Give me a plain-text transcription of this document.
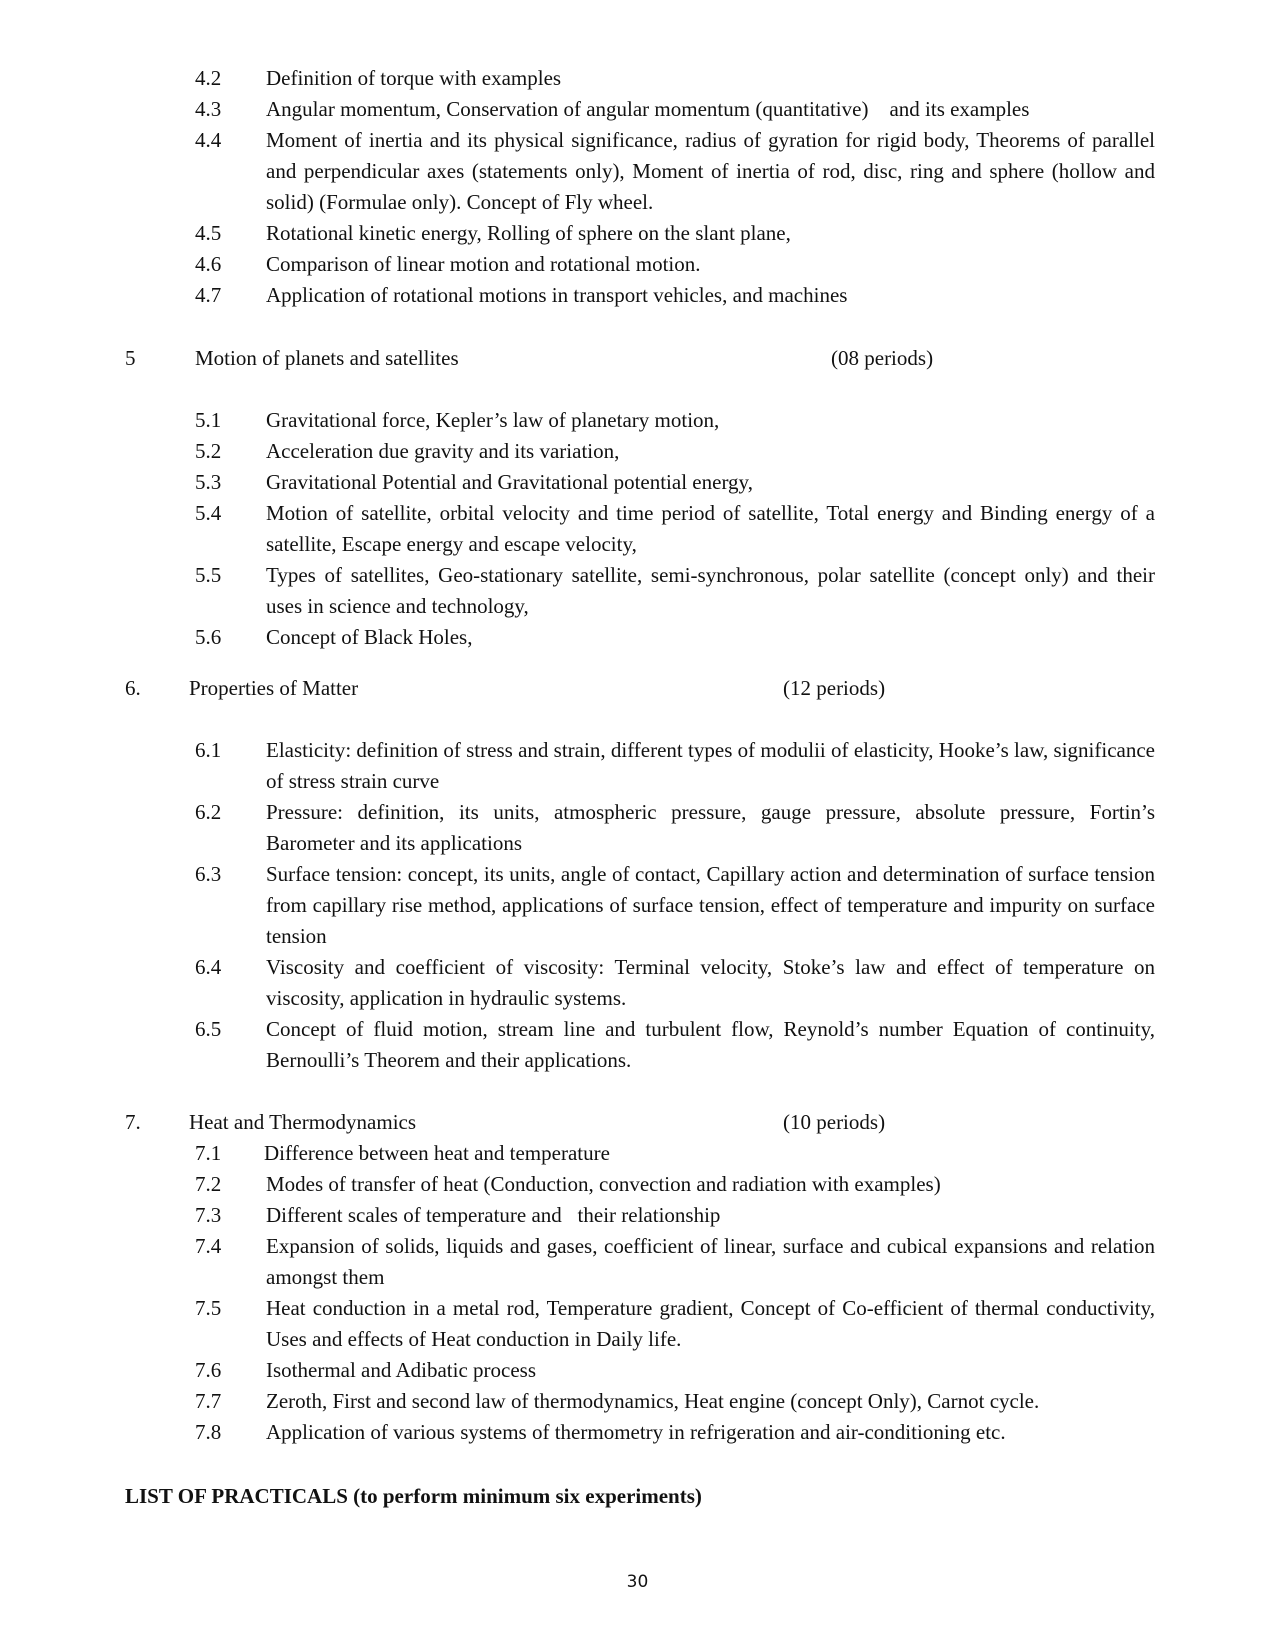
4.2 Definition of torque with examples
4.3 Angular momentum, Conservation of angular momentum (quantitative)    and its examples
4.4 Moment of inertia and its physical significance, radius of gyration for rigid body, Theorems of parallel and perpendicular axes (statements only), Moment of inertia of rod, disc, ring and sphere (hollow and solid) (Formulae only). Concept of Fly wheel.
4.5 Rotational kinetic energy, Rolling of sphere on the slant plane,
4.6 Comparison of linear motion and rotational motion.
4.7 Application of rotational motions in transport vehicles, and machines
5	Motion of planets and satellites	(08 periods)
5.1 Gravitational force, Kepler’s law of planetary motion,
5.2 Acceleration due gravity and its variation,
5.3 Gravitational Potential and Gravitational potential energy,
5.4 Motion of satellite, orbital velocity and time period of satellite, Total energy and Binding energy of a satellite, Escape energy and escape velocity,
5.5 Types of satellites, Geo-stationary satellite, semi-synchronous, polar satellite (concept only) and their uses in science and technology,
5.6 Concept of Black Holes,
6. Properties of Matter	(12 periods)
6.1 Elasticity: definition of stress and strain, different types of modulii of elasticity, Hooke’s law, significance of stress strain curve
6.2 Pressure: definition, its units, atmospheric pressure, gauge pressure, absolute pressure, Fortin’s Barometer and its applications
6.3 Surface tension: concept, its units, angle of contact, Capillary action and determination of surface tension from capillary rise method, applications of surface tension, effect of temperature and impurity on surface tension
6.4 Viscosity and coefficient of viscosity: Terminal velocity, Stoke’s law and effect of temperature on viscosity, application in hydraulic systems.
6.5 Concept of fluid motion, stream line and turbulent flow, Reynold’s number Equation of continuity, Bernoulli’s Theorem and their applications.
7. Heat and Thermodynamics	(10 periods)
7.1 Difference between heat and temperature
7.2 Modes of transfer of heat (Conduction, convection and radiation with examples)
7.3 Different scales of temperature and   their relationship
7.4 Expansion of solids, liquids and gases, coefficient of linear, surface and cubical expansions and relation amongst them
7.5 Heat conduction in a metal rod, Temperature gradient, Concept of Co-efficient of thermal conductivity, Uses and effects of Heat conduction in Daily life.
7.6 Isothermal and Adibatic process
7.7 Zeroth, First and second law of thermodynamics, Heat engine (concept Only), Carnot cycle.
7.8 Application of various systems of thermometry in refrigeration and air-conditioning etc.
LIST OF PRACTICALS (to perform minimum six experiments)
30
